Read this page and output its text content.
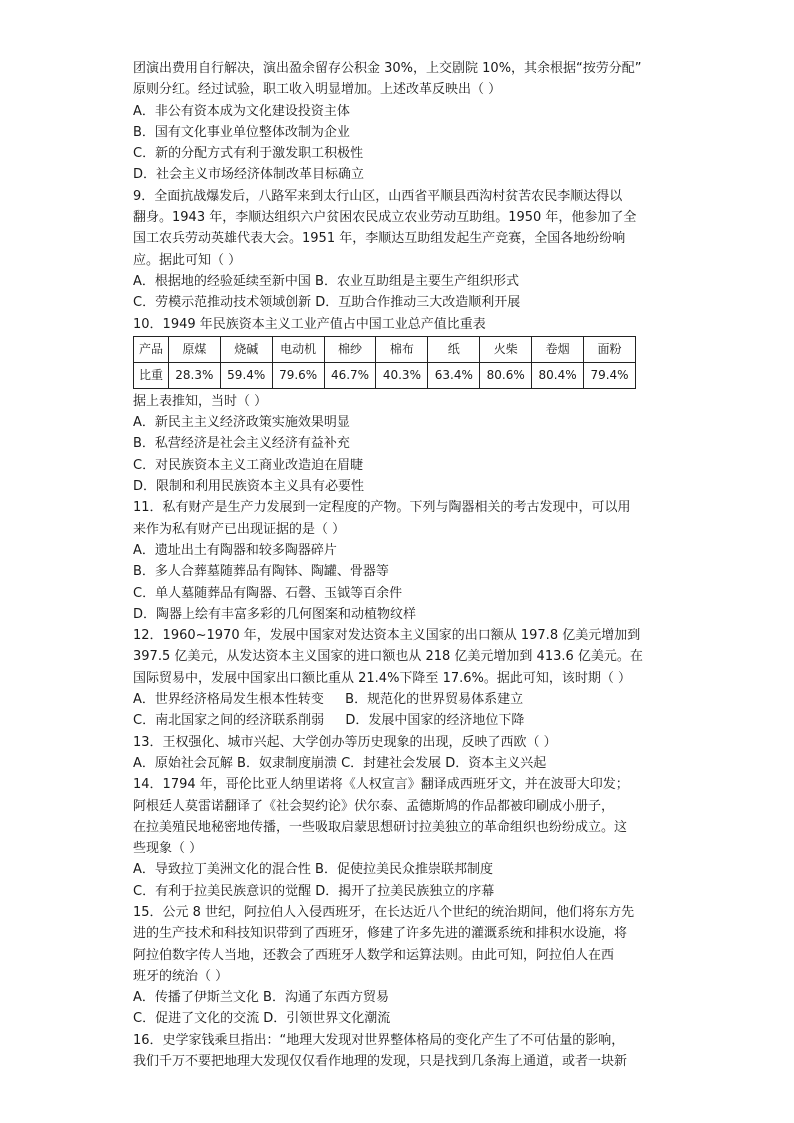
团演出费用自行解决，演出盈余留存公积金 30%，上交剧院 10%，其余根据“按劳分配”
原则分红。经过试验，职工收入明显增加。上述改革反映出（ ）
A．非公有资本成为文化建设投资主体
B．国有文化事业单位整体改制为企业
C．新的分配方式有利于激发职工积极性
D．社会主义市场经济体制改革目标确立
9．全面抗战爆发后，八路军来到太行山区，山西省平顺县西沟村贫苦农民李顺达得以
翻身。1943 年，李顺达组织六户贫困农民成立农业劳动互助组。1950 年，他参加了全
国工农兵劳动英雄代表大会。1951 年，李顺达互助组发起生产竞赛，全国各地纷纷响
应。据此可知（ ）
A．根据地的经验延续至新中国 B．农业互助组是主要生产组织形式
C．劳模示范推动技术领域创新 D．互助合作推动三大改造顺利开展
10．1949 年民族资本主义工业产值占中国工业总产值比重表
产品	原煤	烧碱	电动机	棉纱	棉布	纸	火柴	卷烟	面粉
比重	28.3%	59.4%	79.6%	46.7%	40.3%	63.4%	80.6%	80.4%	79.4%
据上表推知，当时（ ）
A．新民主主义经济政策实施效果明显
B．私营经济是社会主义经济有益补充
C．对民族资本主义工商业改造迫在眉睫
D．限制和利用民族资本主义具有必要性
11．私有财产是生产力发展到一定程度的产物。下列与陶器相关的考古发现中，可以用
来作为私有财产已出现证据的是（ ）
A．遗址出土有陶器和较多陶器碎片
B．多人合葬墓随葬品有陶钵、陶罐、骨器等
C．单人墓随葬品有陶器、石磬、玉钺等百余件
D．陶器上绘有丰富多彩的几何图案和动植物纹样
12．1960~1970 年，发展中国家对发达资本主义国家的出口额从 197.8 亿美元增加到
397.5 亿美元，从发达资本主义国家的进口额也从 218 亿美元增加到 413.6 亿美元。在
国际贸易中，发展中国家出口额比重从 21.4%下降至 17.6%。据此可知，该时期（ ）
A．世界经济格局发生根本性转变 　 B．规范化的世界贸易体系建立
C．南北国家之间的经济联系削弱 　 D．发展中国家的经济地位下降
13．王权强化、城市兴起、大学创办等历史现象的出现，反映了西欧（ ）
A．原始社会瓦解 B．奴隶制度崩溃 C．封建社会发展 D．资本主义兴起
14．1794 年，哥伦比亚人纳里诺将《人权宣言》翻译成西班牙文，并在波哥大印发；
阿根廷人莫雷诺翻译了《社会契约论》伏尔泰、孟德斯鸠的作品都被印刷成小册子，
在拉美殖民地秘密地传播，一些吸取启蒙思想研讨拉美独立的革命组织也纷纷成立。这
些现象（ ）
A．导致拉丁美洲文化的混合性 B．促使拉美民众推崇联邦制度
C．有利于拉美民族意识的觉醒 D．揭开了拉美民族独立的序幕
15．公元 8 世纪，阿拉伯人入侵西班牙，在长达近八个世纪的统治期间，他们将东方先
进的生产技术和科技知识带到了西班牙，修建了许多先进的灌溉系统和排积水设施，将
阿拉伯数字传人当地，还教会了西班牙人数学和运算法则。由此可知，阿拉伯人在西
班牙的统治（ ）
A．传播了伊斯兰文化 B．沟通了东西方贸易
C．促进了文化的交流 D．引领世界文化潮流
16．史学家钱乘旦指出：“地理大发现对世界整体格局的变化产生了不可估量的影响，
我们千万不要把地理大发现仅仅看作地理的发现，只是找到几条海上通道，或者一块新
